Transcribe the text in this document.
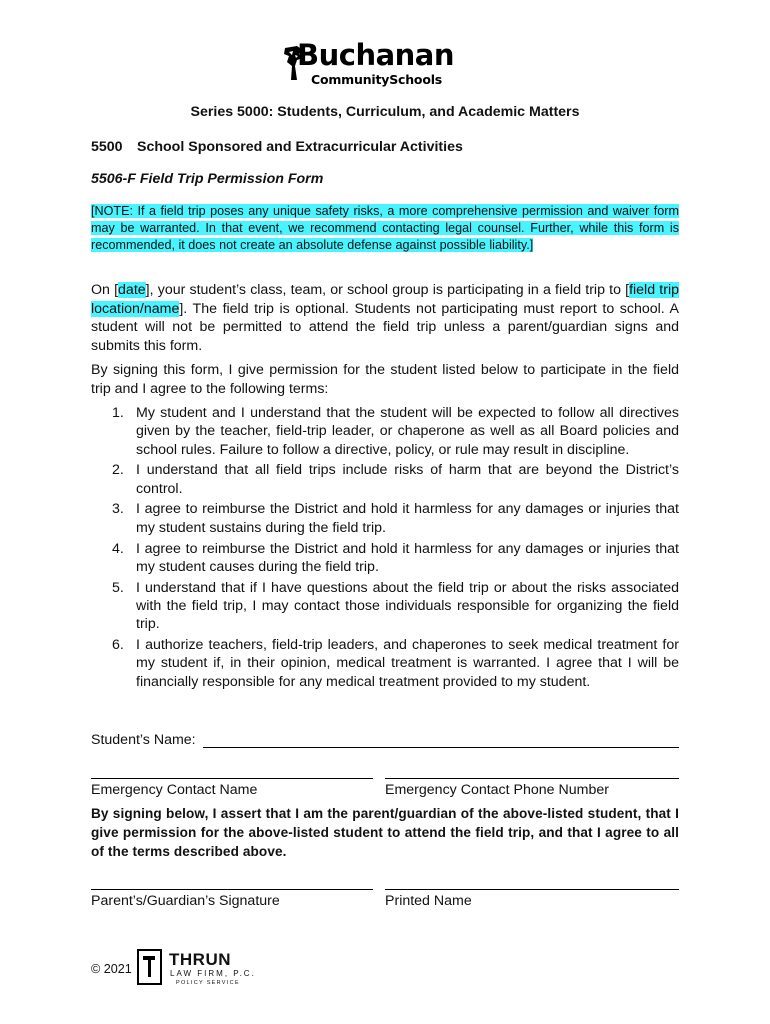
Buchanan
CommunitySchools
Series 5000: Students, Curriculum, and Academic Matters
5500 School Sponsored and Extracurricular Activities
5506-F Field Trip Permission Form
[NOTE: If a field trip poses any unique safety risks, a more comprehensive permission and waiver form may be warranted. In that event, we recommend contacting legal counsel. Further, while this form is recommended, it does not create an absolute defense against possible liability.]
On [date], your student’s class, team, or school group is participating in a field trip to [field trip location/name]. The field trip is optional. Students not participating must report to school. A student will not be permitted to attend the field trip unless a parent/guardian signs and submits this form.
By signing this form, I give permission for the student listed below to participate in the field trip and I agree to the following terms:
1. My student and I understand that the student will be expected to follow all directives given by the teacher, field-trip leader, or chaperone as well as all Board policies and school rules. Failure to follow a directive, policy, or rule may result in discipline.
2. I understand that all field trips include risks of harm that are beyond the District’s control.
3. I agree to reimburse the District and hold it harmless for any damages or injuries that my student sustains during the field trip.
4. I agree to reimburse the District and hold it harmless for any damages or injuries that my student causes during the field trip.
5. I understand that if I have questions about the field trip or about the risks associated with the field trip, I may contact those individuals responsible for organizing the field trip.
6. I authorize teachers, field-trip leaders, and chaperones to seek medical treatment for my student if, in their opinion, medical treatment is warranted. I agree that I will be financially responsible for any medical treatment provided to my student.
Student’s Name:
Emergency Contact Name	Emergency Contact Phone Number
By signing below, I assert that I am the parent/guardian of the above-listed student, that I give permission for the above-listed student to attend the field trip, and that I agree to all of the terms described above.
Parent’s/Guardian’s Signature	Printed Name
© 2021 THRUN
LAW FIRM, P.C.
POLICY SERVICE
